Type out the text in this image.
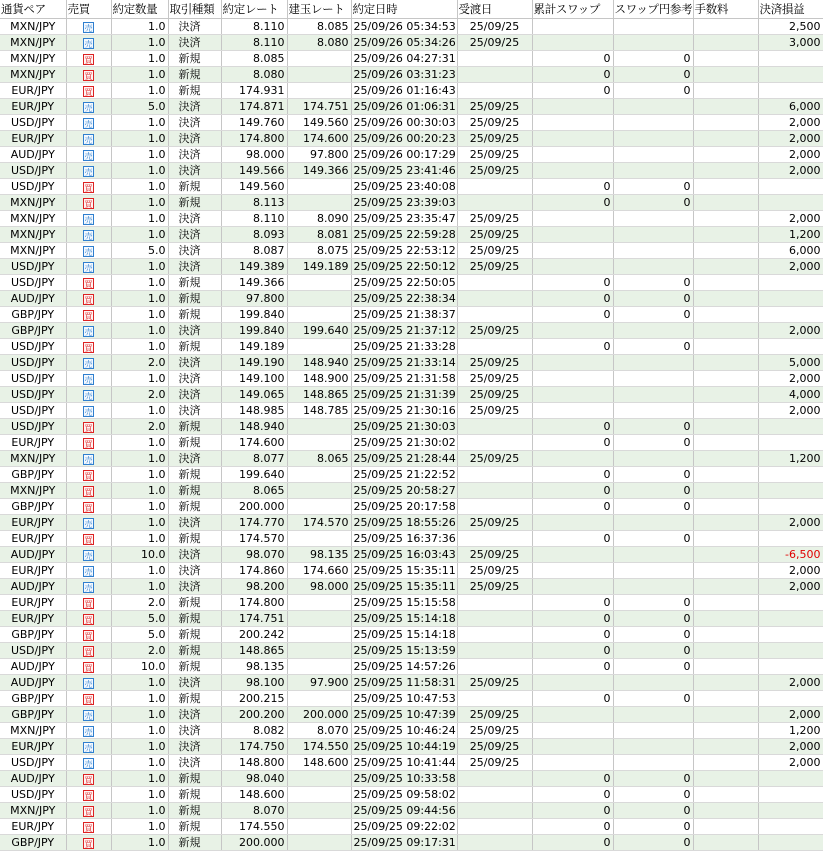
通貨ペア	売買	約定数量	取引種類	約定レート	建玉レート	約定日時	受渡日	累計スワップ	スワップ円参考	手数料	決済損益
MXN/JPY	売	1.0	決済	8.110	8.085	25/09/26 05:34:53	25/09/25				2,500
MXN/JPY	売	1.0	決済	8.110	8.080	25/09/26 05:34:26	25/09/25				3,000
MXN/JPY	買	1.0	新規	8.085		25/09/26 04:27:31		0	0		
MXN/JPY	買	1.0	新規	8.080		25/09/26 03:31:23		0	0		
EUR/JPY	買	1.0	新規	174.931		25/09/26 01:16:43		0	0		
EUR/JPY	売	5.0	決済	174.871	174.751	25/09/26 01:06:31	25/09/25				6,000
USD/JPY	売	1.0	決済	149.760	149.560	25/09/26 00:30:03	25/09/25				2,000
EUR/JPY	売	1.0	決済	174.800	174.600	25/09/26 00:20:23	25/09/25				2,000
AUD/JPY	売	1.0	決済	98.000	97.800	25/09/26 00:17:29	25/09/25				2,000
USD/JPY	売	1.0	決済	149.566	149.366	25/09/25 23:41:46	25/09/25				2,000
USD/JPY	買	1.0	新規	149.560		25/09/25 23:40:08		0	0		
MXN/JPY	買	1.0	新規	8.113		25/09/25 23:39:03		0	0		
MXN/JPY	売	1.0	決済	8.110	8.090	25/09/25 23:35:47	25/09/25				2,000
MXN/JPY	売	1.0	決済	8.093	8.081	25/09/25 22:59:28	25/09/25				1,200
MXN/JPY	売	5.0	決済	8.087	8.075	25/09/25 22:53:12	25/09/25				6,000
USD/JPY	売	1.0	決済	149.389	149.189	25/09/25 22:50:12	25/09/25				2,000
USD/JPY	買	1.0	新規	149.366		25/09/25 22:50:05		0	0		
AUD/JPY	買	1.0	新規	97.800		25/09/25 22:38:34		0	0		
GBP/JPY	買	1.0	新規	199.840		25/09/25 21:38:37		0	0		
GBP/JPY	売	1.0	決済	199.840	199.640	25/09/25 21:37:12	25/09/25				2,000
USD/JPY	買	1.0	新規	149.189		25/09/25 21:33:28		0	0		
USD/JPY	売	2.0	決済	149.190	148.940	25/09/25 21:33:14	25/09/25				5,000
USD/JPY	売	1.0	決済	149.100	148.900	25/09/25 21:31:58	25/09/25				2,000
USD/JPY	売	2.0	決済	149.065	148.865	25/09/25 21:31:39	25/09/25				4,000
USD/JPY	売	1.0	決済	148.985	148.785	25/09/25 21:30:16	25/09/25				2,000
USD/JPY	買	2.0	新規	148.940		25/09/25 21:30:03		0	0		
EUR/JPY	買	1.0	新規	174.600		25/09/25 21:30:02		0	0		
MXN/JPY	売	1.0	決済	8.077	8.065	25/09/25 21:28:44	25/09/25				1,200
GBP/JPY	買	1.0	新規	199.640		25/09/25 21:22:52		0	0		
MXN/JPY	買	1.0	新規	8.065		25/09/25 20:58:27		0	0		
GBP/JPY	買	1.0	新規	200.000		25/09/25 20:17:58		0	0		
EUR/JPY	売	1.0	決済	174.770	174.570	25/09/25 18:55:26	25/09/25				2,000
EUR/JPY	買	1.0	新規	174.570		25/09/25 16:37:36		0	0		
AUD/JPY	売	10.0	決済	98.070	98.135	25/09/25 16:03:43	25/09/25				-6,500
EUR/JPY	売	1.0	決済	174.860	174.660	25/09/25 15:35:11	25/09/25				2,000
AUD/JPY	売	1.0	決済	98.200	98.000	25/09/25 15:35:11	25/09/25				2,000
EUR/JPY	買	2.0	新規	174.800		25/09/25 15:15:58		0	0		
EUR/JPY	買	5.0	新規	174.751		25/09/25 15:14:18		0	0		
GBP/JPY	買	5.0	新規	200.242		25/09/25 15:14:18		0	0		
USD/JPY	買	2.0	新規	148.865		25/09/25 15:13:59		0	0		
AUD/JPY	買	10.0	新規	98.135		25/09/25 14:57:26		0	0		
AUD/JPY	売	1.0	決済	98.100	97.900	25/09/25 11:58:31	25/09/25				2,000
GBP/JPY	買	1.0	新規	200.215		25/09/25 10:47:53		0	0		
GBP/JPY	売	1.0	決済	200.200	200.000	25/09/25 10:47:39	25/09/25				2,000
MXN/JPY	売	1.0	決済	8.082	8.070	25/09/25 10:46:24	25/09/25				1,200
EUR/JPY	売	1.0	決済	174.750	174.550	25/09/25 10:44:19	25/09/25				2,000
USD/JPY	売	1.0	決済	148.800	148.600	25/09/25 10:41:44	25/09/25				2,000
AUD/JPY	買	1.0	新規	98.040		25/09/25 10:33:58		0	0		
USD/JPY	買	1.0	新規	148.600		25/09/25 09:58:02		0	0		
MXN/JPY	買	1.0	新規	8.070		25/09/25 09:44:56		0	0		
EUR/JPY	買	1.0	新規	174.550		25/09/25 09:22:02		0	0		
GBP/JPY	買	1.0	新規	200.000		25/09/25 09:17:31		0	0		
